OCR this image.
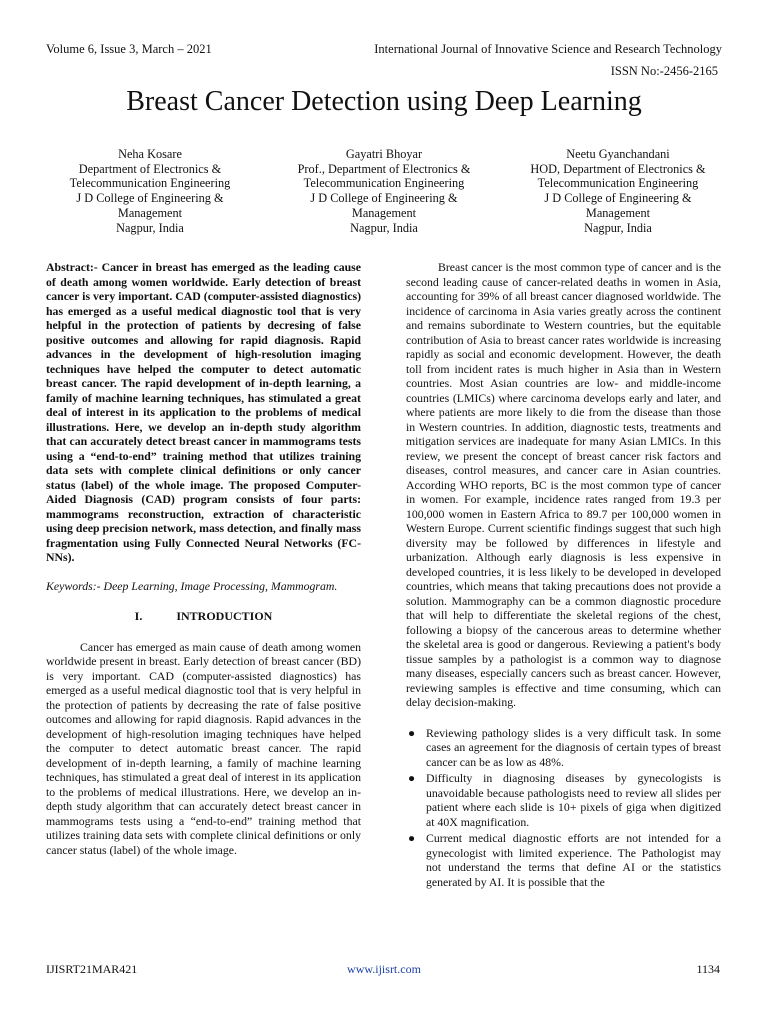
Volume 6, Issue 3, March – 2021	International Journal of Innovative Science and Research Technology
ISSN No:-2456-2165
Breast Cancer Detection using Deep Learning
Neha Kosare
Department of Electronics &
Telecommunication Engineering
J D College of Engineering &
Management
Nagpur, India
Gayatri Bhoyar
Prof., Department of Electronics &
Telecommunication Engineering
J D College of Engineering &
Management
Nagpur, India
Neetu Gyanchandani
HOD, Department of Electronics &
Telecommunication Engineering
J D College of Engineering &
Management
Nagpur, India

Abstract:- Cancer in breast has emerged as the leading cause of death among women worldwide. Early detection of breast cancer is very important. CAD (computer-assisted diagnostics) has emerged as a useful medical diagnostic tool that is very helpful in the protection of patients by decresing of false positive outcomes and allowing for rapid diagnosis. Rapid advances in the development of high-resolution imaging techniques have helped the computer to detect automatic breast cancer. The rapid development of in-depth learning, a family of machine learning techniques, has stimulated a great deal of interest in its application to the problems of medical illustrations. Here, we develop an in-depth study algorithm that can accurately detect breast cancer in mammograms tests using a “end-to-end” training method that utilizes training data sets with complete clinical definitions or only cancer status (label) of the whole image. The proposed Computer-Aided Diagnosis (CAD) program consists of four parts: mammograms reconstruction, extraction of characteristic using deep precision network, mass detection, and finally mass fragmentation using Fully Connected Neural Networks (FC-NNs).

Keywords:- Deep Learning, Image Processing, Mammogram.

I.	INTRODUCTION

Cancer has emerged as main cause of death among women worldwide present in breast. Early detection of breast cancer (BD) is very important. CAD (computer-assisted diagnostics) has emerged as a useful medical diagnostic tool that is very helpful in the protection of patients by decreasing the rate of false positive outcomes and allowing for rapid diagnosis. Rapid advances in the development of high-resolution imaging techniques have helped the computer to detect automatic breast cancer. The rapid development of in-depth learning, a family of machine learning techniques, has stimulated a great deal of interest in its application to the problems of medical illustrations. Here, we develop an in-depth study algorithm that can accurately detect breast cancer in mammograms tests using a “end-to-end” training method that utilizes training data sets with complete clinical definitions or only cancer status (label) of the whole image.

Breast cancer is the most common type of cancer and is the second leading cause of cancer-related deaths in women in Asia, accounting for 39% of all breast cancer diagnosed worldwide. The incidence of carcinoma in Asia varies greatly across the continent and remains subordinate to Western countries, but the equitable contribution of Asia to breast cancer rates worldwide is increasing rapidly as social and economic development. However, the death toll from incident rates is much higher in Asia than in Western countries. Most Asian countries are low- and middle-income countries (LMICs) where carcinoma develops early and later, and where patients are more likely to die from the disease than those in Western countries. In addition, diagnostic tests, treatments and mitigation services are inadequate for many Asian LMICs. In this review, we present the concept of breast cancer risk factors and diseases, control measures, and cancer care in Asian countries. According WHO reports, BC is the most common type of cancer in women. For example, incidence rates ranged from 19.3 per 100,000 women in Eastern Africa to 89.7 per 100,000 women in Western Europe. Current scientific findings suggest that such high diversity may be followed by differences in lifestyle and urbanization. Although early diagnosis is less expensive in developed countries, it is less likely to be developed in developed countries, which means that taking precautions does not provide a solution. Mammography can be a common diagnostic procedure that will help to differentiate the skeletal regions of the chest, following a biopsy of the cancerous areas to determine whether the skeletal area is good or dangerous. Reviewing a patient's body tissue samples by a pathologist is a common way to diagnose many diseases, especially cancers such as breast cancer. However, reviewing samples is effective and time consuming, which can delay decision-making.

● Reviewing pathology slides is a very difficult task. In some cases an agreement for the diagnosis of certain types of breast cancer can be as low as 48%.
● Difficulty in diagnosing diseases by gynecologists is unavoidable because pathologists need to review all slides per patient where each slide is 10+ pixels of giga when digitized at 40X magnification.
● Current medical diagnostic efforts are not intended for a gynecologist with limited experience. The Pathologist may not understand the terms that define AI or the statistics generated by AI. It is possible that the
IJISRT21MAR421	www.ijisrt.com	1134
